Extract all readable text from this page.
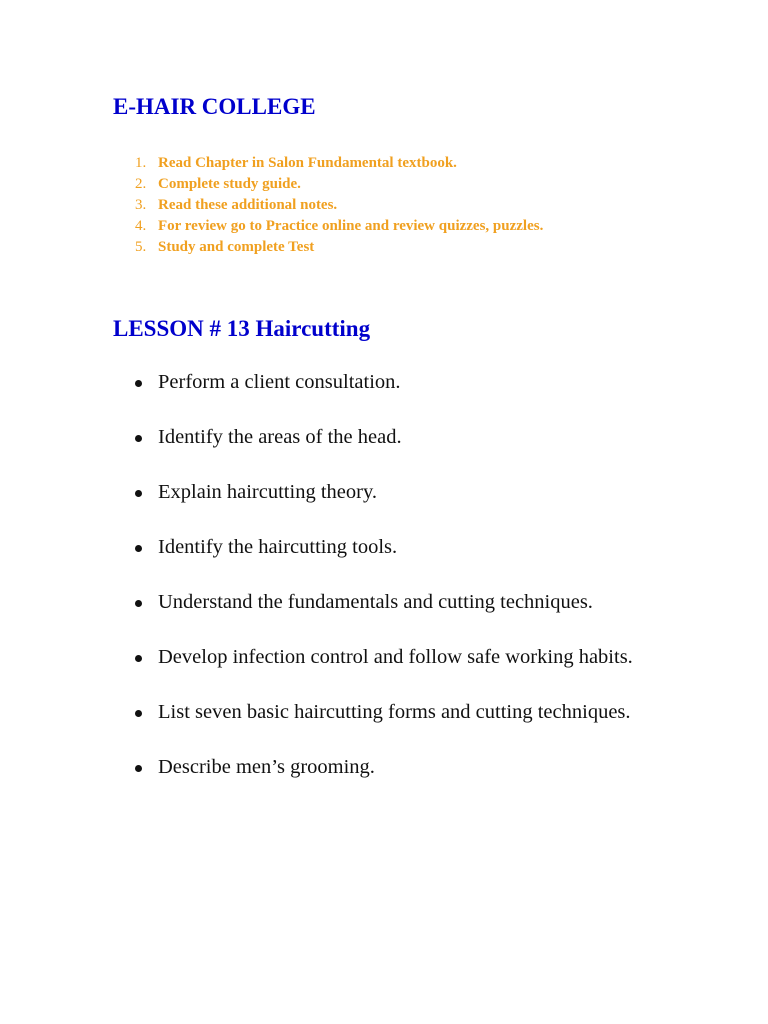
E-HAIR COLLEGE
1. Read Chapter in Salon Fundamental textbook.
2. Complete study guide.
3. Read these additional notes.
4. For review go to Practice online and review quizzes, puzzles.
5. Study and complete Test
LESSON # 13 Haircutting
Perform a client consultation.
Identify the areas of the head.
Explain haircutting theory.
Identify the haircutting tools.
Understand the fundamentals and cutting techniques.
Develop infection control and follow safe working habits.
List seven basic haircutting forms and cutting techniques.
Describe men’s grooming.
